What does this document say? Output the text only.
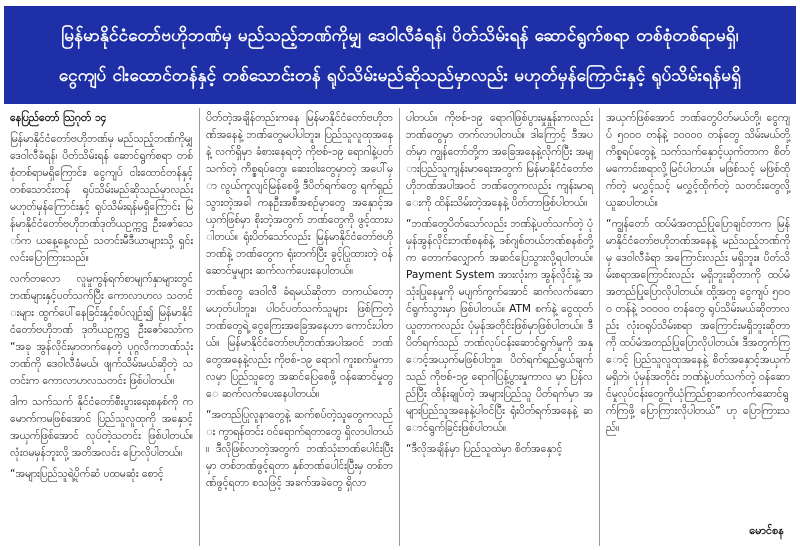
မြန်မာနိုင်ငံတော်ဗဟိုဘဏ်မှ မည်သည့်ဘဏ်ကိုမျှ ဒေဝါလီခံရန်၊ ပိတ်သိမ်းရန် ဆောင်ရွက်စရာ တစ်စုံတစ်ရာမရှိ၊
ငွေကျပ် ငါးထောင်တန်နှင့် တစ်သောင်းတန် ရုပ်သိမ်းမည်ဆိုသည်မှာလည်း မဟုတ်မှန်ကြောင်းနှင့် ရုပ်သိမ်းရန်မရှိ

နေပြည်တော် ဩဂုတ် ၁၄

မြန်မာနိုင်ငံတော်ဗဟိုဘဏ်မှ မည်သည့်ဘဏ်ကိုမျှ ဒေဝါလီခံရန်၊ ပိတ်သိမ်းရန် ဆောင်ရွက်စရာ တစ်စုံတစ်ရာမရှိကြောင်း၊ ငွေကျပ် ငါးထောင်တန်နှင့် တစ်သောင်းတန် ရုပ်သိမ်းမည်ဆိုသည်မှာလည်း မဟုတ်မှန်ကြောင်းနှင့် ရုပ်သိမ်းရန်မရှိကြောင်း မြန်မာနိုင်ငံတော်ဗဟိုဘဏ်ဒုတိယဥက္ကဋ္ဌ ဦးဇော်သော်က ယနေ့နေ့လည် သတင်းမီဒီယာများသို့ ရှင်းလင်းပြောကြားသည်။

လက်တလော လူမှုကွန်ရက်စာမျက်နှာများတွင် ဘဏ်များနှင့်ပတ်သက်ပြီး ကောလာဟလ သတင်းများ ထွက်ပေါ်နေခြင်းနှင့်စပ်လျဉ်း၍ မြန်မာနိုင်ငံတော်ဗဟိုဘဏ် ဒုတိယဥက္ကဋ္ဌ ဦးဇော်သော်က “အခု အွန်လိုင်းမှာတက်နေတဲ့ ပုဂ္ဂလိကဘဏ်သုံးဘဏ်ကို ဒေဝါလီခံမယ်၊ ဖျက်သိမ်းမယ်ဆိုတဲ့ သတင်းက ကောလာဟလသတင်း ဖြစ်ပါတယ်။

ဒါက သက်သက် နိုင်ငံတော်စီးပွားရေးစနစ်ကို ကမောက်ကမဖြစ်အောင် ပြည်သူလူထုကို အနှောင့်အယှက်ဖြစ်အောင် လုပ်တဲ့သတင်း ဖြစ်ပါတယ်။ လုံးဝမမှန်ဘူးလို့ အတိအလင်း ပြောလိုပါတယ်။

“အများပြည်သူရဲ့ပိုက်ဆံ ပထမဆုံး စောင့်

ပိတ်တဲ့အချိန်တည်းကနေ မြန်မာနိုင်ငံတော်ဗဟိုဘဏ်အနေနဲ့ ဘဏ်တွေမပါပါဘူး။ ပြည်သူလူထုအနေနဲ့ လက်ရှိမှာ ခံစားနေရတဲ့ ကိုဗစ်-၁၉ ရောဂါနဲ့ပတ်သက်တဲ့ ကိစ္စရပ်တွေ၊ ဆေးဝါးတွေမှာတဲ့ အပေါ်မှာ လွယ်ကူလျင်မြန်စေဖို့ ဒီပိတ်ရက်တွေ ရက်ရှည်သွားတဲ့အခါ ကနဦးအစီအစဉ်မှာတွေ အနှောင့်အယှက်ဖြစ်မှာ စိုးတဲ့အတွက် ဘဏ်တွေကို ဖွင့်ထားပါတယ်။ ရုံးပိတ်သော်လည်း မြန်မာနိုင်ငံတော်ဗဟိုဘဏ်နဲ့ ဘဏ်တွေက ရုံးတက်ပြီး ခွင့်ပြုထားတဲ့ ဝန်ဆောင်မှုများ ဆက်လက်ပေးနေပါတယ်။

ဘဏ်တွေ ဒေဝါလီ ခံရမယ်ဆိုတာ တကယ်တော့ မဟုတ်ပါဘူး။ ပါဝင်ပတ်သက်သူများ ဖြစ်ကြတဲ့ ဘဏ်တွေရဲ့ ငွေကြေးအခြေအနေဟာ ကောင်းပါတယ်။ မြန်မာနိုင်ငံတော်ဗဟိုဘဏ်အပါအဝင် ဘဏ်တွေအနေနဲ့လည်း ကိုဗစ်-၁၉ ရောဂါ ကူးစက်မှုကာလမှာ ပြည်သူတွေ အဆင်ပြေစေဖို့ ဝန်ဆောင်မှုတွေ ဆက်လက်ပေးနေပါတယ်။

“အတည်ပြုလူနာတွေနဲ့ ဆက်စပ်တဲ့သူတွေကလည်း ကွာရန်တင်း ဝင်ရောက်ရတာတွေ ရှိလာပါတယ်။ ဒီလိုဖြစ်လာတဲ့အတွက် ဘဏ်သုံးဘဏ်ပေါင်းပြီး မှာ တစ်ဘဏ်ဖွင့်ရတာ နှစ်ဘဏ်ပေါင်းပြီးမှ တစ်ဘဏ်ဖွင့်ရတာ စသဖြင့် အခက်အခဲတွေ ရှိလာ

ပါတယ်။ ကိုဗစ်-၁၉ ရောဂါဖြစ်ပွားမှုနှုန်းကလည်း ဘဏ်တွေမှာ တက်လာပါတယ်။ ဒါကြောင့် ဒီအပတ်မှာ ကျွန်တော်တို့က အခြေအနေနဲ့လိုက်ပြီး အများပြည်သူကျန်းမာရေးအတွက် မြန်မာနိုင်ငံတော်ဗဟိုဘဏ်အပါအဝင် ဘဏ်တွေကလည်း ကျန်းမာရေးကို ထိန်းသိမ်းတဲ့အနေနဲ့ ပိတ်တာဖြစ်ပါတယ်။

“ဘဏ်တွေပိတ်သော်လည်း ဘဏ်နဲ့ပတ်သက်တဲ့ ပုံမှန်အွန်လိုင်းဘဏ်စနစ်နဲ့ ဒစ်ဂျစ်တယ်ဘဏ်စနစ်တို့က တောက်လျှောက် အဆင်ပြေသွားလို့ရပါတယ်။ Payment System အားလုံးက အွန်လိုင်းနဲ့ အသုံးပြုနေမှုကို မပျက်ကွက်အောင် ဆက်လက်ဆောင်ရွက်သွားမှာ ဖြစ်ပါတယ်။ ATM စက်နဲ့ ငွေထုတ်ယူတာကလည်း ပုံမှန်အတိုင်းဖြစ်မှာဖြစ်ပါတယ်။ ဒီပိတ်ရက်သည် ဘဏ်လုပ်ငန်းဆောင်ရွက်မှုကို အနှောင့်အယှက်မဖြစ်ပါဘူး။ ပိတ်ရက်ရည်ရွယ်ချက်သည် ကိုဗစ်-၁၉ ရောဂါပြန့်ပွားမှုကာလ မှာ ပြန်လည်ပြီး ထိန်းချုပ်တဲ့ အများပြည်သူ ပိတ်ရက်မှာ အများပြည်သူအနေနဲ့ပါဝင်ပြီး ရုံးပိတ်ရက်အနေနဲ့ ဆောင်ရွက်ခြင်းဖြစ်ပါတယ်။

“ဒီလိုအချိန်မှာ ပြည်သူထဲမှာ စိတ်အနှောင့်

အယှက်ဖြစ်အောင် ဘဏ်တွေပိတ်မယ်တို့၊ ငွေကျပ် ၅၀၀၀ တန်နဲ့ ၁၀၀၀၀ တန်တွေ သိမ်းမယ်တို့ ကိစ္စရပ်တွေနဲ့ သက်သက်နှောင့်ယှက်တာက စိတ်မကောင်းစရာလို့မြင်ပါတယ်။ မဖြစ်သင့် မဖြစ်ထိုက်တဲ့ မလွှင့်သင့် မလွှင့်ထိုက်တဲ့ သတင်းတွေလို့ ယူဆပါတယ်။

“ကျွန်တော် ထပ်မံအတည်ပြုပြောချင်တာက မြန်မာနိုင်ငံတော်ဗဟိုဘဏ်အနေနဲ့ မည်သည့်ဘဏ်ကိုမှ ဒေဝါလီခံရာ အကြောင်းလည်း မရှိဘူး။ ပိတ်သိမ်းစရာအကြောင်းလည်း မရှိဘူးဆိုတာကို ထပ်မံအတည်ပြုပြောလိုပါတယ်။ ထို့အတူ ငွေကျပ် ၅၀၀၀ တန်နဲ့ ၁၀၀၀၀ တန်တွေ ရုပ်သိမ်းမယ်ဆိုတာလည်း လုံးဝရုပ်သိမ်းစရာ အကြောင်းမရှိဘူးဆိုတာကို ထပ်မံအတည်ပြုပြောလိုပါတယ်။ ဒီအတွက်ကြောင့် ပြည်သူလူထုအနေနဲ့ စိတ်အနှောင့်အယှက်မရှိဘဲ၊ ပုံမှန်အတိုင်း ဘဏ်နဲ့ပတ်သက်တဲ့ ဝန်ဆောင်မှုလုပ်ငန်းတွေကိုယုံကြည်စွာဆက်လက်ဆောင်ရွက်ကြဖို့ ပြောကြားလိုပါတယ်” ဟု ပြောကြားသည်။

မောင်စန
